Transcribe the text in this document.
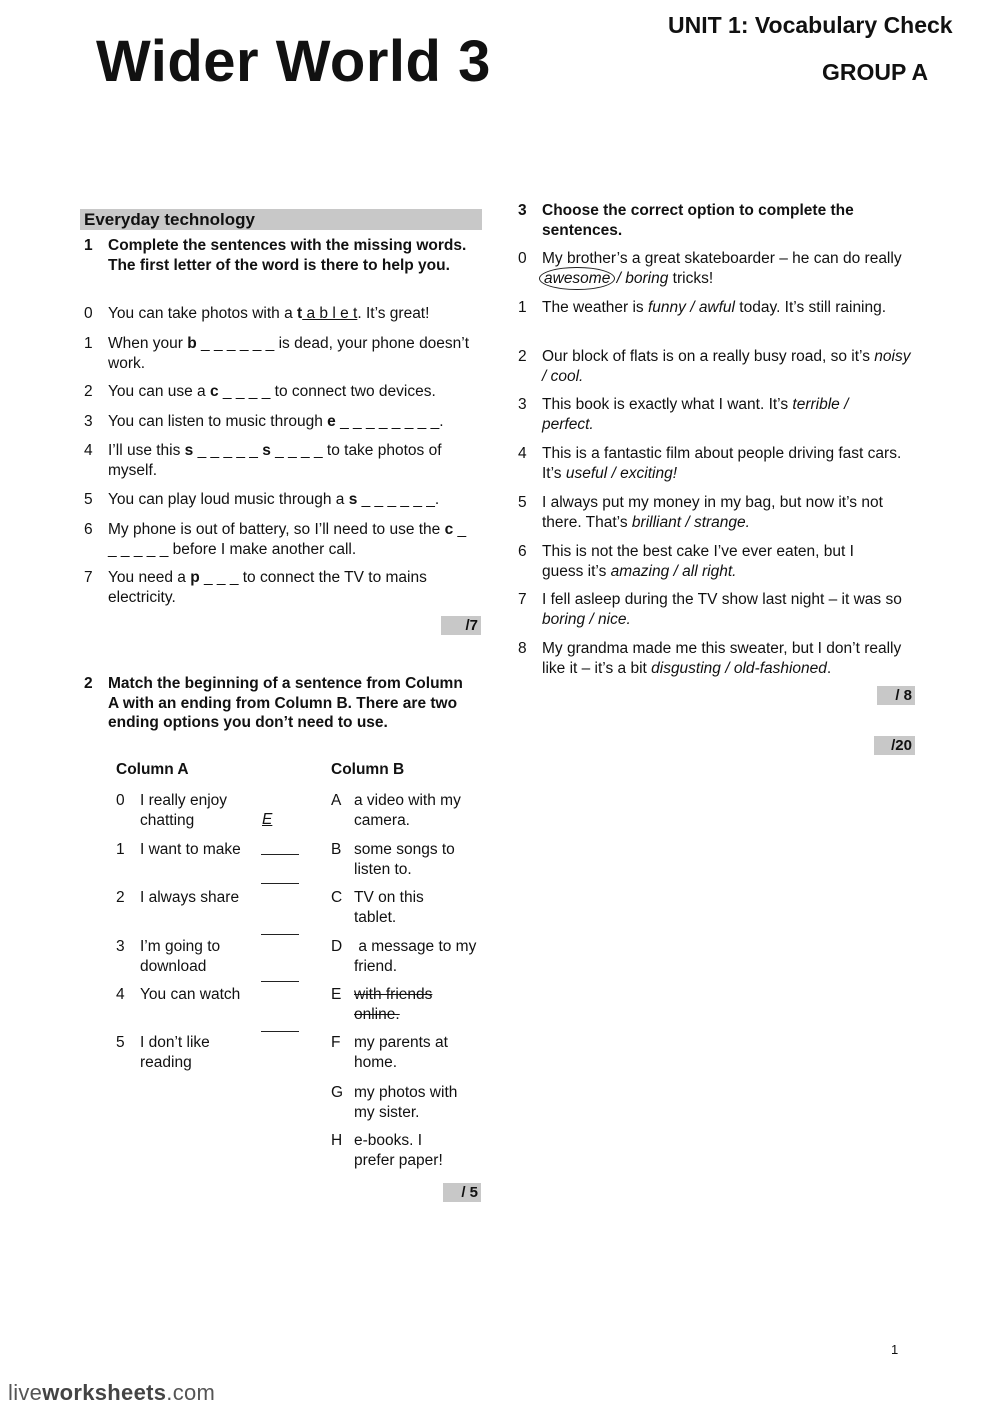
Wider World 3
UNIT 1: Vocabulary Check
GROUP A
Everyday technology
1 Complete the sentences with the missing words. The first letter of the word is there to help you.
0 You can take photos with a t a b l e t. It’s great!
1 When your b _ _ _ _ _ _ is dead, your phone doesn’t work.
2 You can use a c _ _ _ _ to connect two devices.
3 You can listen to music through e _ _ _ _ _ _ _ _.
4 I’ll use this s _ _ _ _ _ s _ _ _ _ to take photos of myself.
5 You can play loud music through a s _ _ _ _ _ _.
6 My phone is out of battery, so I’ll need to use the c _ _ _ _ _ _ before I make another call.
7 You need a p _ _ _ to connect the TV to mains electricity.
/7
2 Match the beginning of a sentence from Column A with an ending from Column B. There are two ending options you don’t need to use.
Column A	Column B
0 I really enjoy chatting	E
1 I want to make
2 I always share
3 I’m going to download
4 You can watch
5 I don’t like reading
A a video with my camera.
B some songs to listen to.
C TV on this tablet.
D a message to my friend.
E with friends online.
F my parents at home.
G my photos with my sister.
H e-books. I prefer paper!
/ 5
3 Choose the correct option to complete the sentences.
0 My brother’s a great skateboarder – he can do really awesome / boring tricks!
1 The weather is funny / awful today. It’s still raining.
2 Our block of flats is on a really busy road, so it’s noisy / cool.
3 This book is exactly what I want. It’s terrible / perfect.
4 This is a fantastic film about people driving fast cars. It’s useful / exciting!
5 I always put my money in my bag, but now it’s not there. That’s brilliant / strange.
6 This is not the best cake I’ve ever eaten, but I guess it’s amazing / all right.
7 I fell asleep during the TV show last night – it was so boring / nice.
8 My grandma made me this sweater, but I don’t really like it – it’s a bit disgusting / old-fashioned.
/ 8
/20
1
liveworksheets.com
